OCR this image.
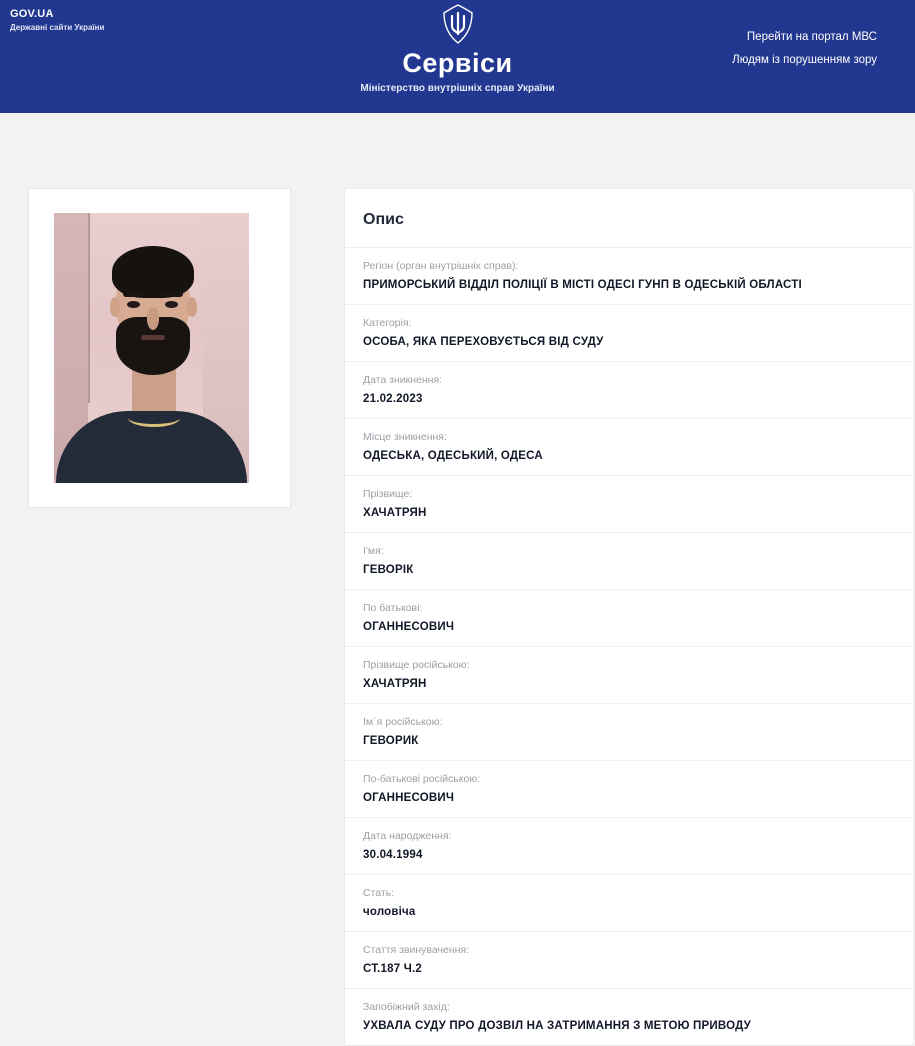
GOV.UA
Державні сайти України
Сервіси
Міністерство внутрішніх справ України
Перейти на портал МВС
Людям із порушенням зору
Опис
Регіон (орган внутрішніх справ):
ПРИМОРСЬКИЙ ВІДДІЛ ПОЛІЦІЇ В МІСТІ ОДЕСІ ГУНП В ОДЕСЬКІЙ ОБЛАСТІ
Категорія:
ОСОБА, ЯКА ПЕРЕХОВУЄТЬСЯ ВІД СУДУ
Дата зникнення:
21.02.2023
Місце зникнення:
ОДЕСЬКА, ОДЕСЬКИЙ, ОДЕСА
Прізвище:
ХАЧАТРЯН
І'мя:
ГЕВОРІК
По батькові:
ОГАННЕСОВИЧ
Прізвище російською:
ХАЧАТРЯН
Ім`я російською:
ГЕВОРИК
По-батькові російською:
ОГАННЕСОВИЧ
Дата народження:
30.04.1994
Стать:
чоловіча
Стаття звинувачення:
СТ.187 Ч.2
Запобіжний захід:
УХВАЛА СУДУ ПРО ДОЗВІЛ НА ЗАТРИМАННЯ З МЕТОЮ ПРИВОДУ
